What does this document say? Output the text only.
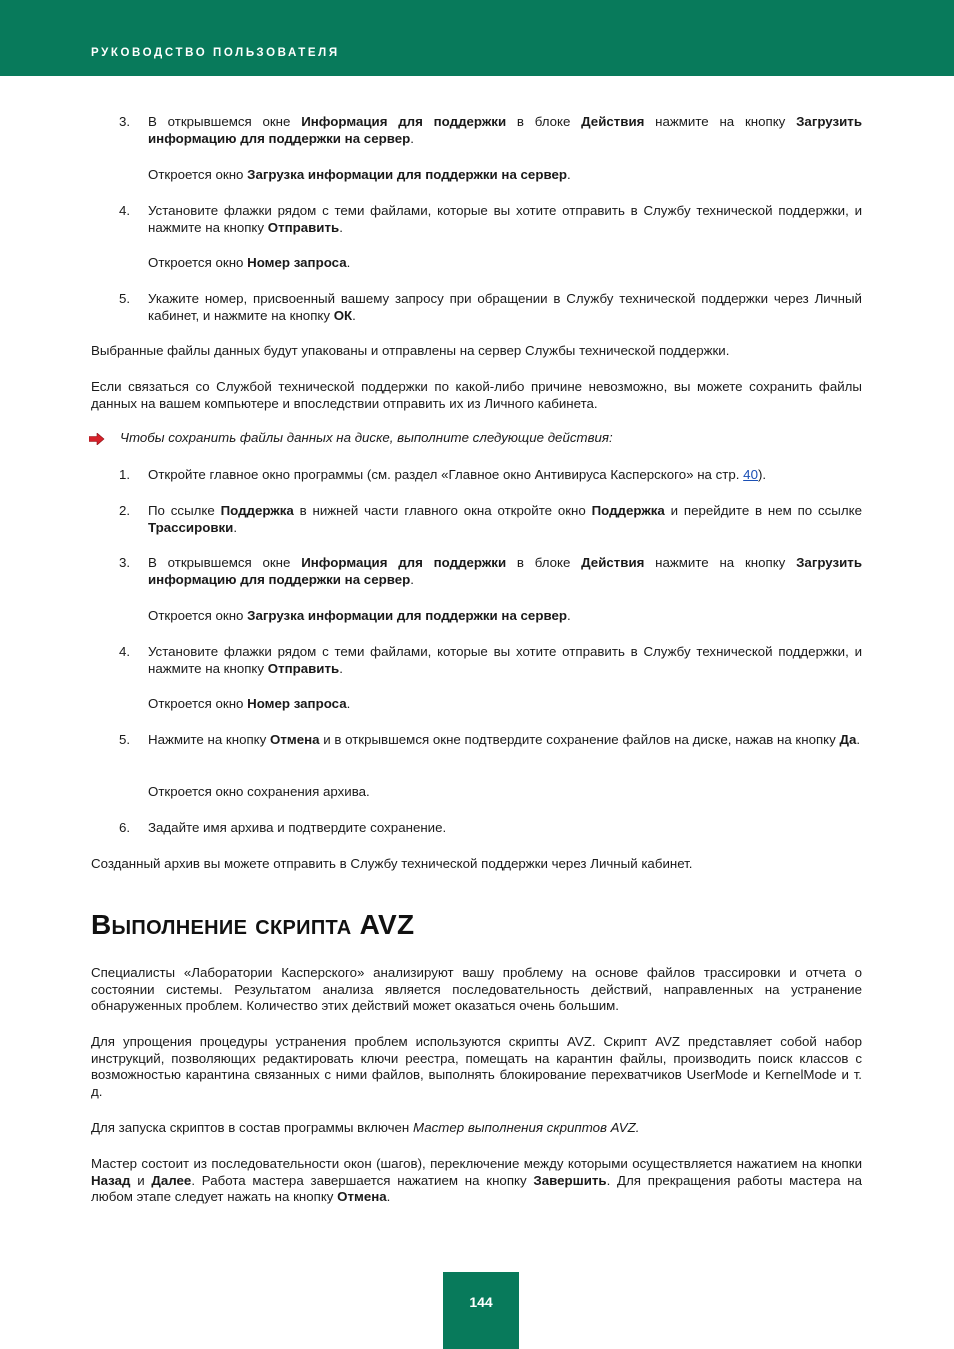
РУКОВОДСТВО ПОЛЬЗОВАТЕЛЯ
3.	В открывшемся окне Информация для поддержки в блоке Действия нажмите на кнопку Загрузить информацию для поддержки на сервер.

Откроется окно Загрузка информации для поддержки на сервер.

4.	Установите флажки рядом с теми файлами, которые вы хотите отправить в Службу технической поддержки, и нажмите на кнопку Отправить.

Откроется окно Номер запроса.

5.	Укажите номер, присвоенный вашему запросу при обращении в Службу технической поддержки через Личный кабинет, и нажмите на кнопку ОК.

Выбранные файлы данных будут упакованы и отправлены на сервер Службы технической поддержки.

Если связаться со Службой технической поддержки по какой-либо причине невозможно, вы можете сохранить файлы данных на вашем компьютере и впоследствии отправить их из Личного кабинета.

Чтобы сохранить файлы данных на диске, выполните следующие действия:
1.	Откройте главное окно программы (см. раздел «Главное окно Антивируса Касперского» на стр. 40).
2.	По ссылке Поддержка в нижней части главного окна откройте окно Поддержка и перейдите в нем по ссылке Трассировки.
3.	В открывшемся окне Информация для поддержки в блоке Действия нажмите на кнопку Загрузить информацию для поддержки на сервер.

Откроется окно Загрузка информации для поддержки на сервер.

4.	Установите флажки рядом с теми файлами, которые вы хотите отправить в Службу технической поддержки, и нажмите на кнопку Отправить.

Откроется окно Номер запроса.

5.	Нажмите на кнопку Отмена и в открывшемся окне подтвердите сохранение файлов на диске, нажав на кнопку Да.

Откроется окно сохранения архива.

6.	Задайте имя архива и подтвердите сохранение.

Созданный архив вы можете отправить в Службу технической поддержки через Личный кабинет.

Выполнение скрипта AVZ

Специалисты «Лаборатории Касперского» анализируют вашу проблему на основе файлов трассировки и отчета о состоянии системы. Результатом анализа является последовательность действий, направленных на устранение обнаруженных проблем. Количество этих действий может оказаться очень большим.

Для упрощения процедуры устранения проблем используются скрипты AVZ. Скрипт AVZ представляет собой набор инструкций, позволяющих редактировать ключи реестра, помещать на карантин файлы, производить поиск классов с возможностью карантина связанных с ними файлов, выполнять блокирование перехватчиков UserMode и KernelMode и т. д.

Для запуска скриптов в состав программы включен Мастер выполнения скриптов AVZ.

Мастер состоит из последовательности окон (шагов), переключение между которыми осуществляется нажатием на кнопки Назад и Далее. Работа мастера завершается нажатием на кнопку Завершить. Для прекращения работы мастера на любом этапе следует нажать на кнопку Отмена.

144
